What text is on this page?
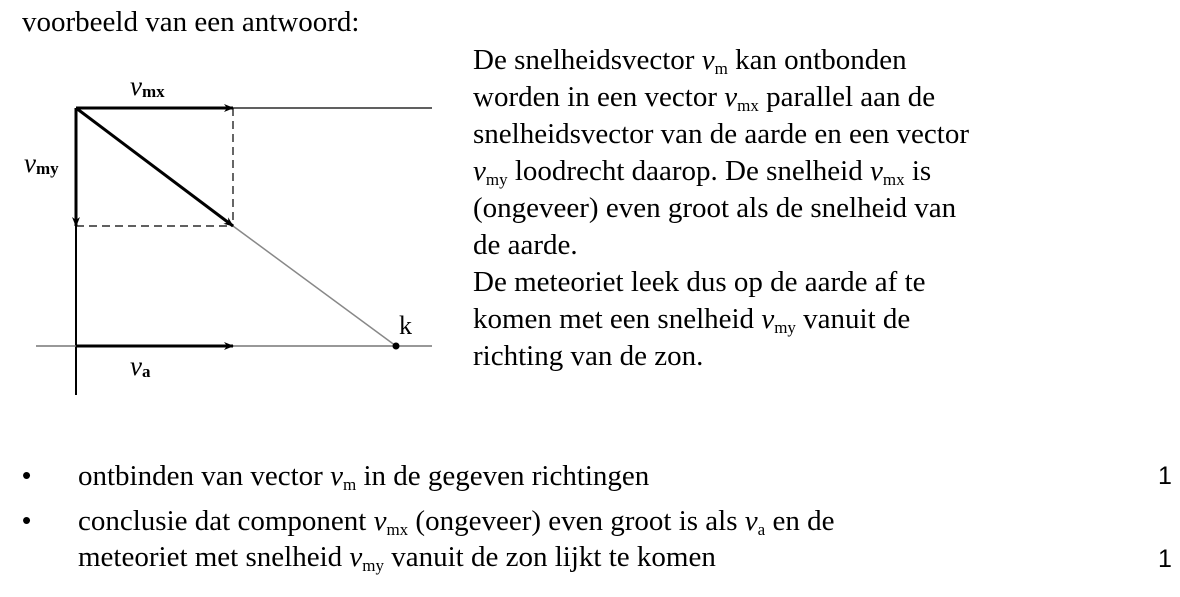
voorbeeld van een antwoord:
vmx
vmy
va
k
De snelheidsvector $v_m$ kan ontbonden
worden in een vector $v_{mx}$ parallel aan de
snelheidsvector van de aarde en een vector
$v_{my}$ loodrecht daarop. De snelheid $v_{mx}$ is
(ongeveer) even groot als de snelheid van
de aarde.
De meteoriet leek dus op de aarde af te
komen met een snelheid $v_{my}$ vanuit de
richting van de zon.
• ontbinden van vector $v_m$ in de gegeven richtingen	1
• conclusie dat component $v_{mx}$ (ongeveer) even groot is als $v_a$ en de
meteoriet met snelheid $v_{my}$ vanuit de zon lijkt te komen	1
